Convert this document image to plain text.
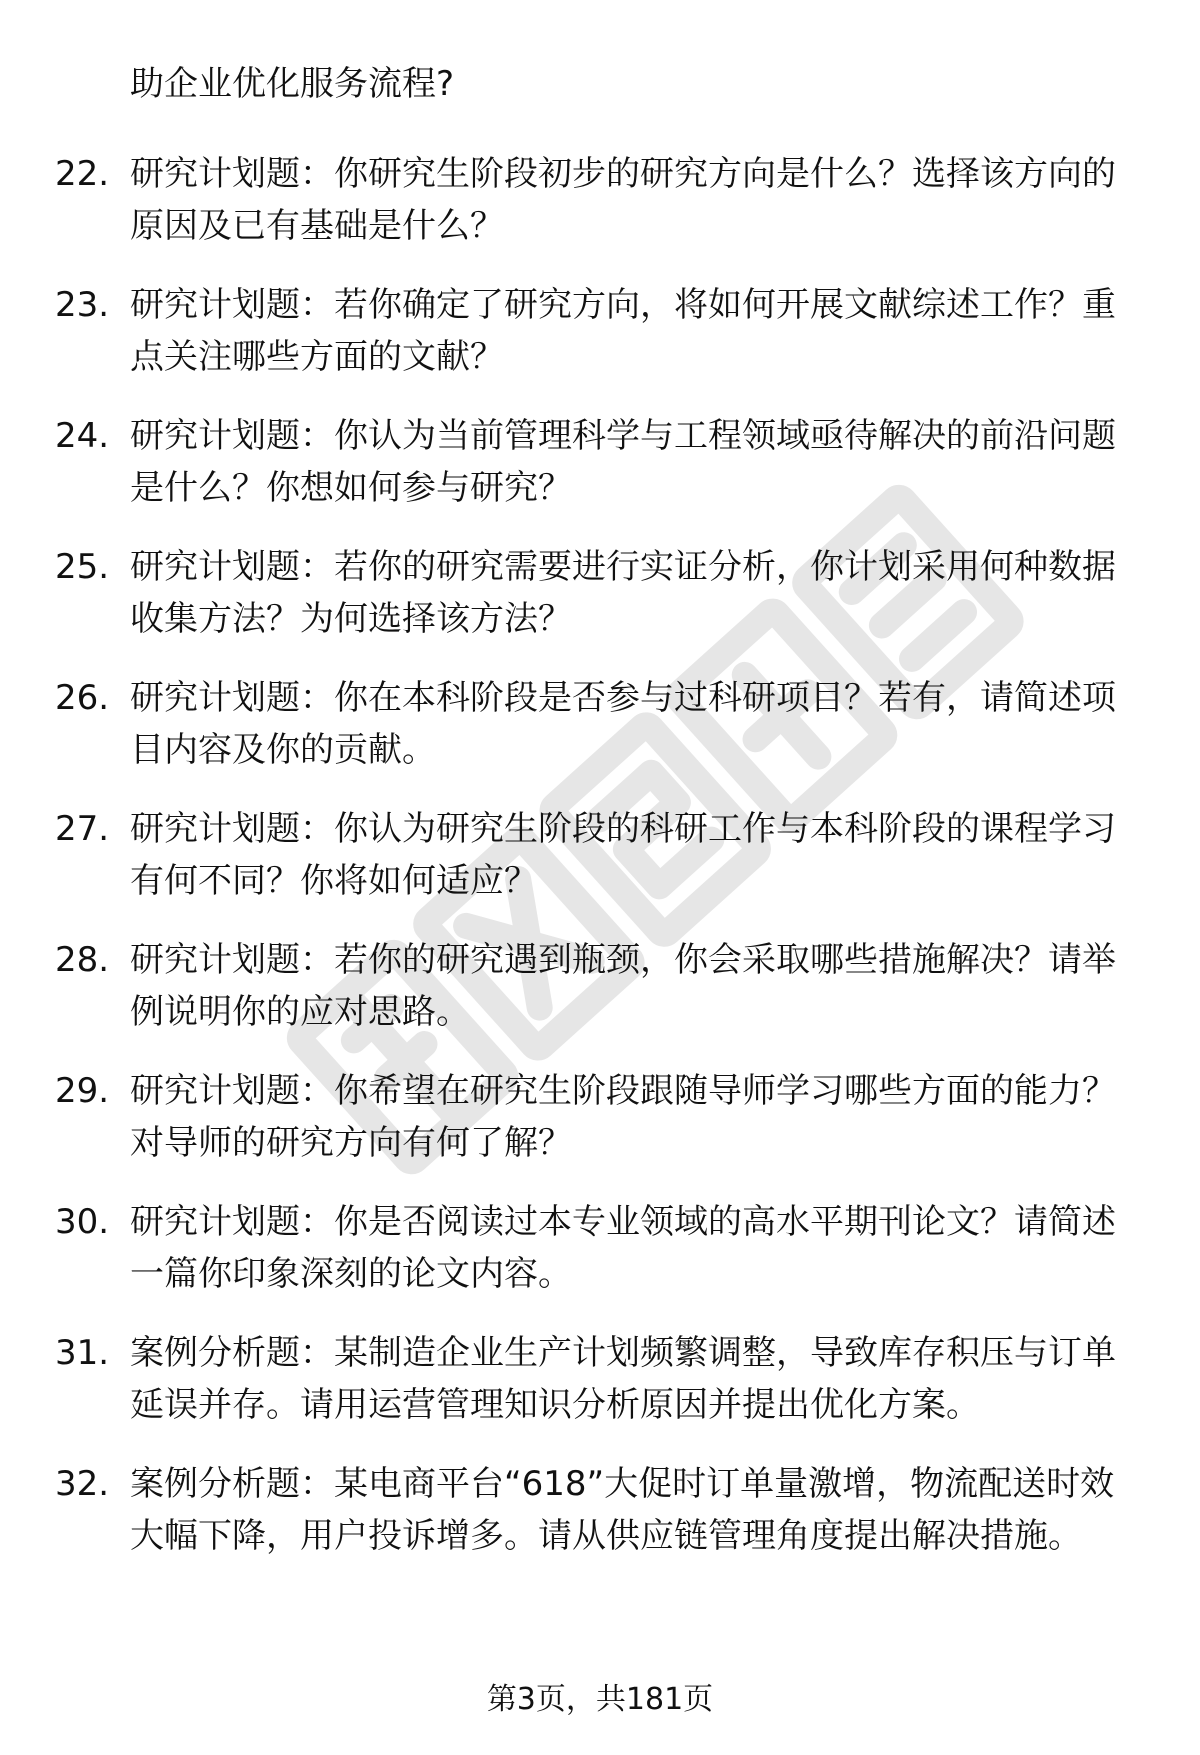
助企业优化服务流程?
22. 研究计划题：你研究生阶段初步的研究方向是什么？选择该方向的原因及已有基础是什么？
23. 研究计划题：若你确定了研究方向，将如何开展文献综述工作？重点关注哪些方面的文献？
24. 研究计划题：你认为当前管理科学与工程领域亟待解决的前沿问题是什么？你想如何参与研究？
25. 研究计划题：若你的研究需要进行实证分析，你计划采用何种数据收集方法？为何选择该方法？
26. 研究计划题：你在本科阶段是否参与过科研项目？若有，请简述项目内容及你的贡献。
27. 研究计划题：你认为研究生阶段的科研工作与本科阶段的课程学习有何不同？你将如何适应？
28. 研究计划题：若你的研究遇到瓶颈，你会采取哪些措施解决？请举例说明你的应对思路。
29. 研究计划题：你希望在研究生阶段跟随导师学习哪些方面的能力？对导师的研究方向有何了解？
30. 研究计划题：你是否阅读过本专业领域的高水平期刊论文？请简述一篇你印象深刻的论文内容。
31. 案例分析题：某制造企业生产计划频繁调整，导致库存积压与订单延误并存。请用运营管理知识分析原因并提出优化方案。
32. 案例分析题：某电商平台“618”大促时订单量激增，物流配送时效大幅下降，用户投诉增多。请从供应链管理角度提出解决措施。
第3页，共181页
